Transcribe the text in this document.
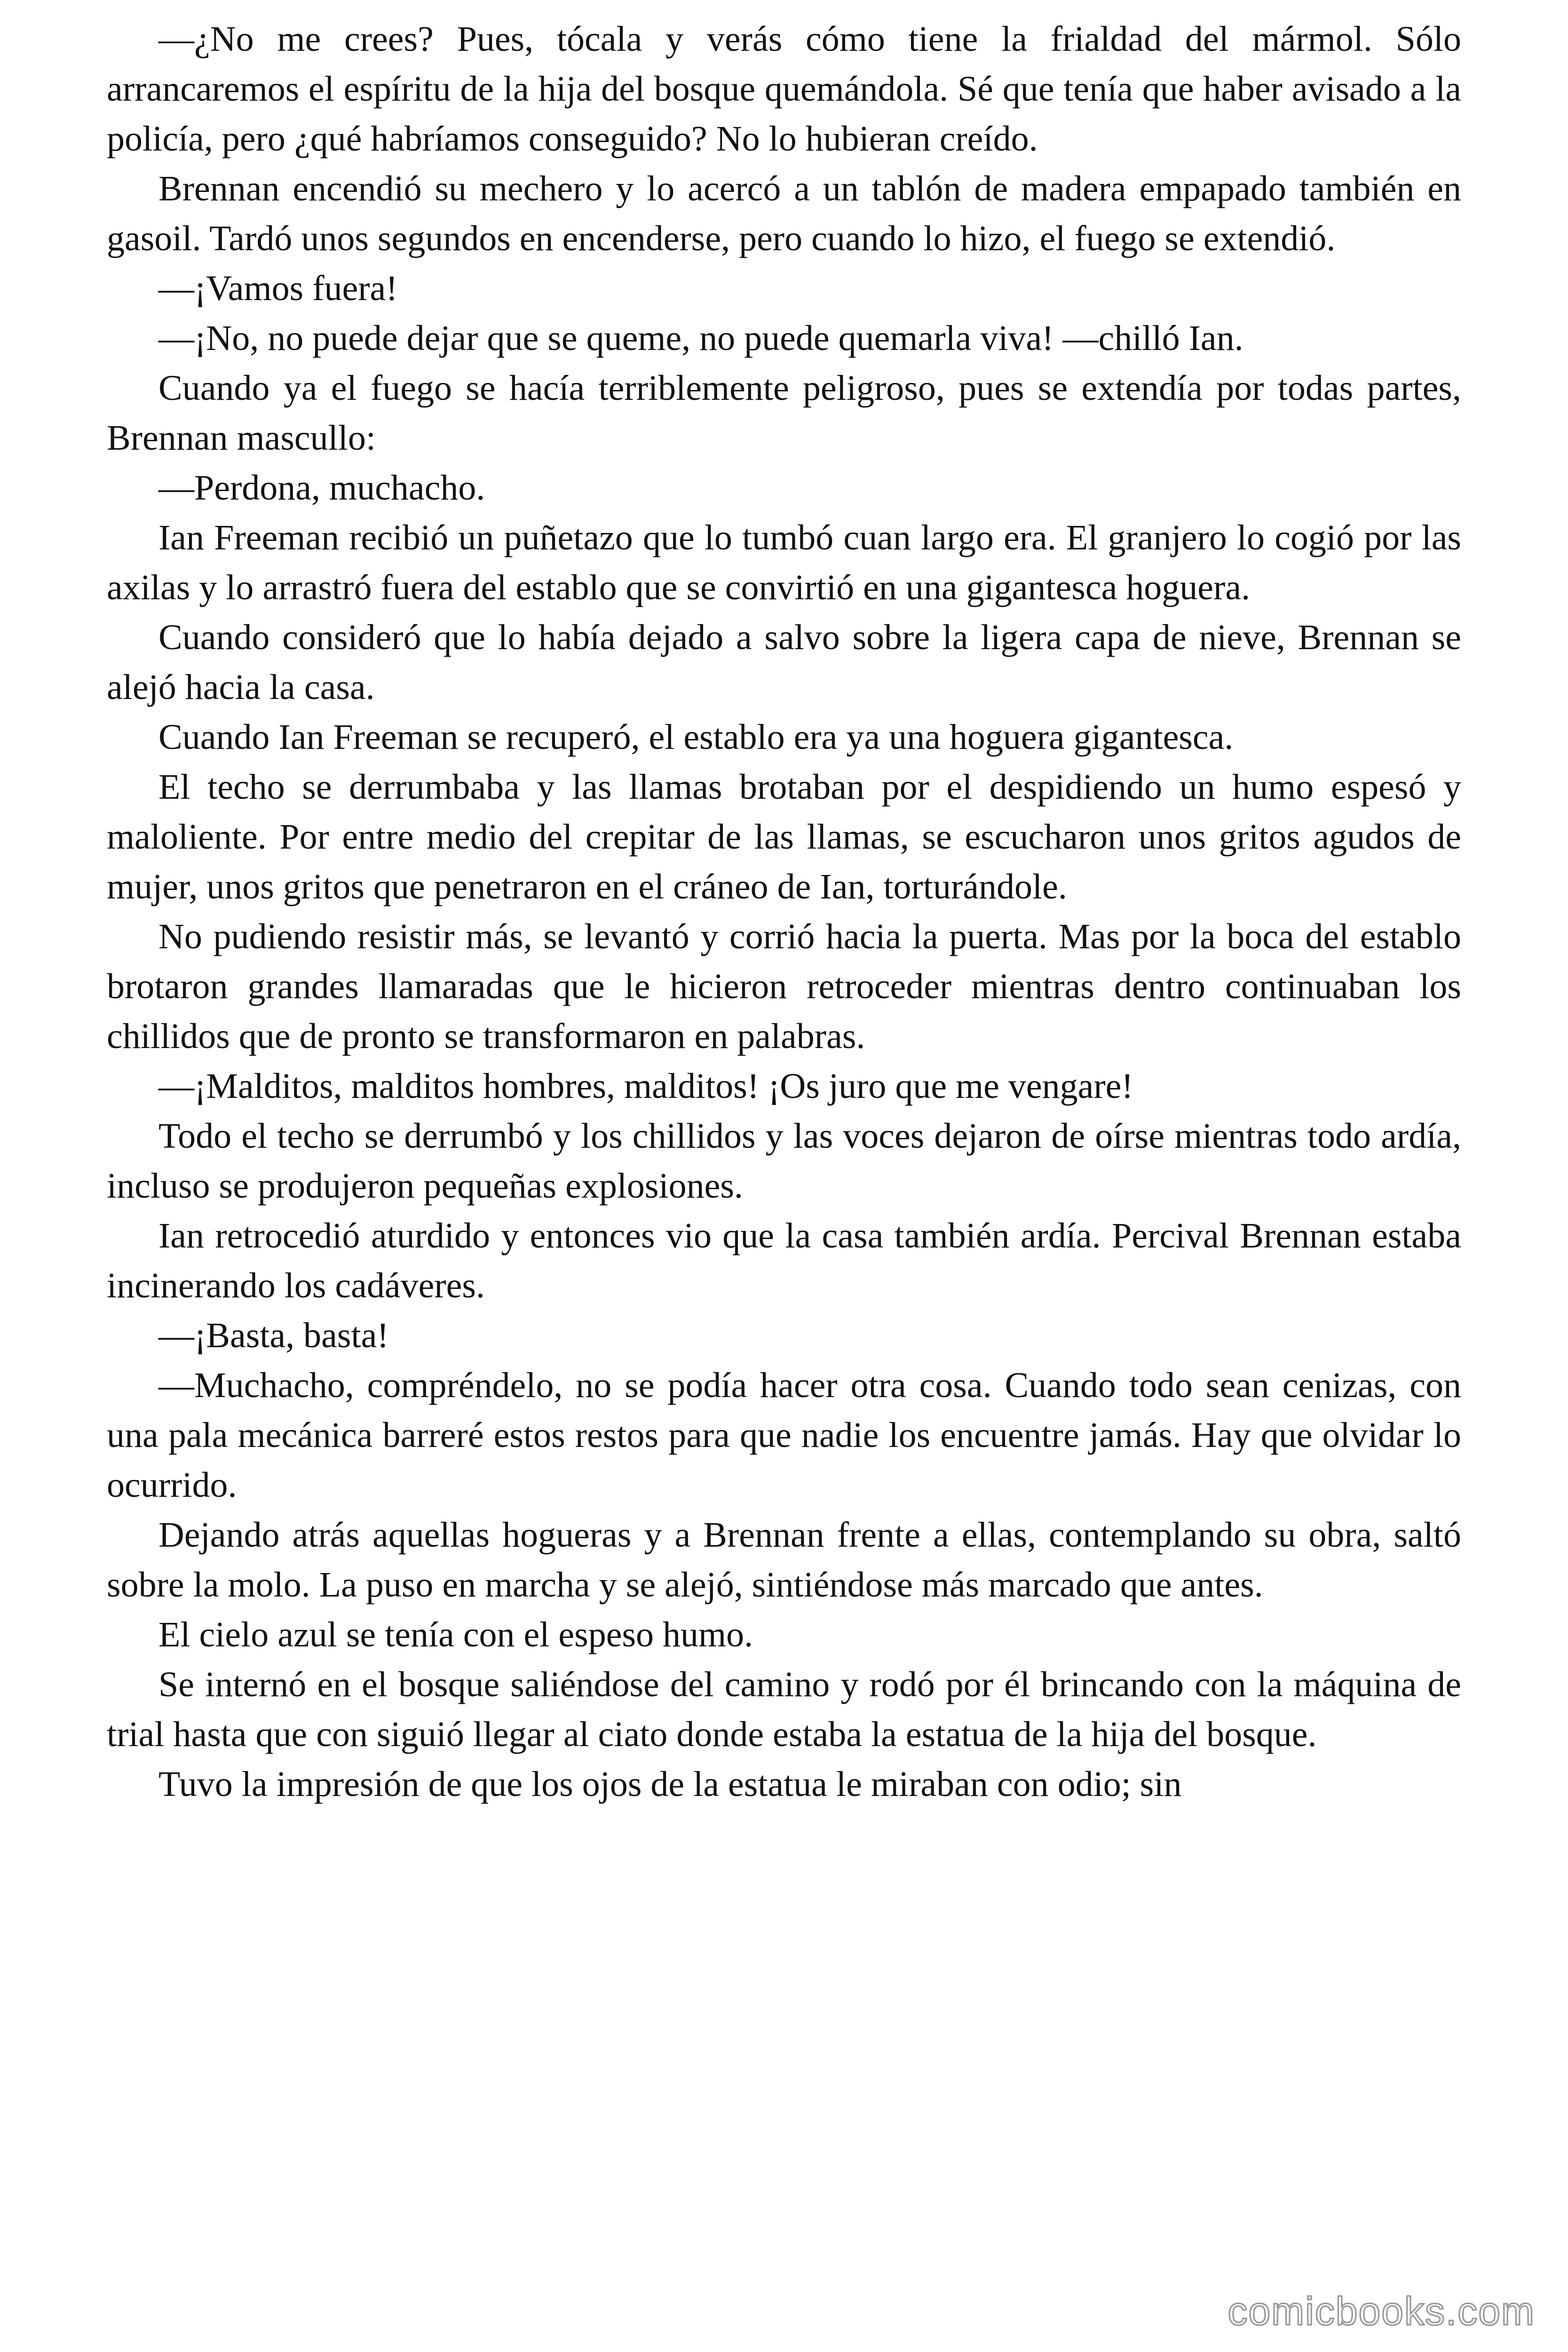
—¿No me crees? Pues, tócala y verás cómo tiene la frialdad del mármol. Sólo arrancaremos el espíritu de la hija del bosque quemándola. Sé que tenía que haber avisado a la policía, pero ¿qué habríamos conseguido? No lo hubieran creído.

Brennan encendió su mechero y lo acercó a un tablón de madera empapado también en gasoil. Tardó unos segundos en encenderse, pero cuando lo hizo, el fuego se extendió.

—¡Vamos fuera!

—¡No, no puede dejar que se queme, no puede quemarla viva! —chilló Ian.

Cuando ya el fuego se hacía terriblemente peligroso, pues se extendía por todas partes, Brennan mascullo:

—Perdona, muchacho.

Ian Freeman recibió un puñetazo que lo tumbó cuan largo era. El granjero lo cogió por las axilas y lo arrastró fuera del establo que se convirtió en una gigantesca hoguera.

Cuando consideró que lo había dejado a salvo sobre la ligera capa de nieve, Brennan se alejó hacia la casa.

Cuando Ian Freeman se recuperó, el establo era ya una hoguera gigantesca.

El techo se derrumbaba y las llamas brotaban por el despidiendo un humo espesó y maloliente. Por entre medio del crepitar de las llamas, se escucharon unos gritos agudos de mujer, unos gritos que penetraron en el cráneo de Ian, torturándole.

No pudiendo resistir más, se levantó y corrió hacia la puerta. Mas por la boca del establo brotaron grandes llamaradas que le hicieron retroceder mientras dentro continuaban los chillidos que de pronto se transformaron en palabras.

—¡Malditos, malditos hombres, malditos! ¡Os juro que me vengare!

Todo el techo se derrumbó y los chillidos y las voces dejaron de oírse mientras todo ardía, incluso se produjeron pequeñas explosiones.

Ian retrocedió aturdido y entonces vio que la casa también ardía. Percival Brennan estaba incinerando los cadáveres.

—¡Basta, basta!

—Muchacho, compréndelo, no se podía hacer otra cosa. Cuando todo sean cenizas, con una pala mecánica barreré estos restos para que nadie los encuentre jamás. Hay que olvidar lo ocurrido.

Dejando atrás aquellas hogueras y a Brennan frente a ellas, contemplando su obra, saltó sobre la molo. La puso en marcha y se alejó, sintiéndose más marcado que antes.

El cielo azul se tenía con el espeso humo.

Se internó en el bosque saliéndose del camino y rodó por él brincando con la máquina de trial hasta que con siguió llegar al ciato donde estaba la estatua de la hija del bosque.

Tuvo la impresión de que los ojos de la estatua le miraban con odio; sin

comicbooks.com
